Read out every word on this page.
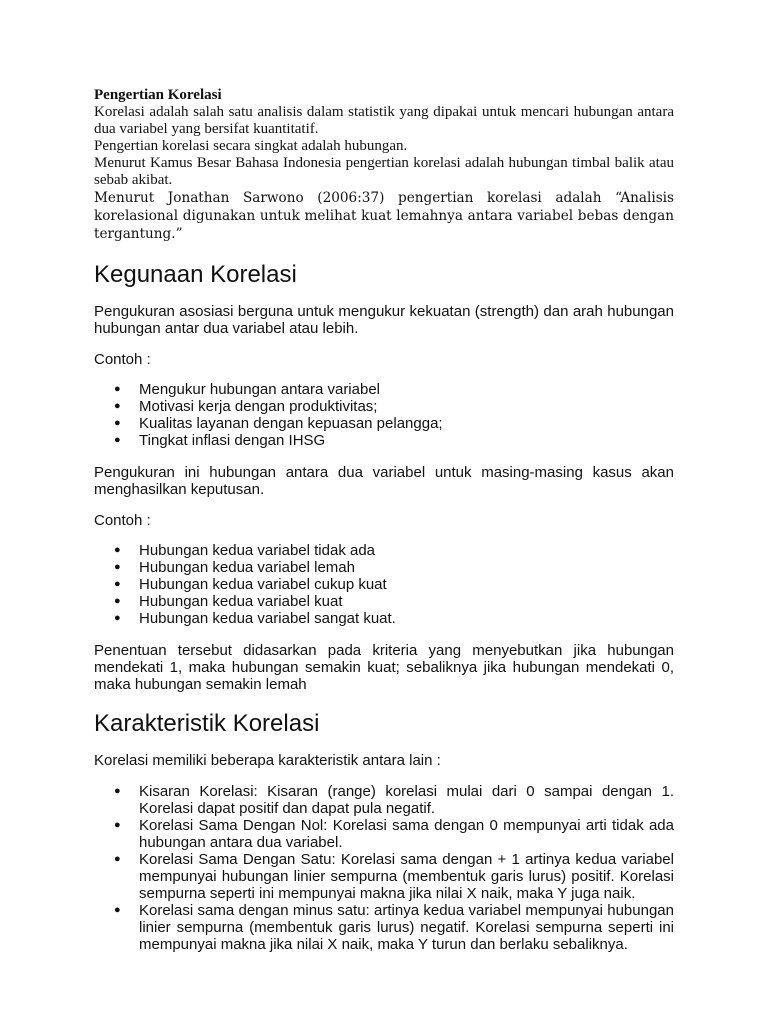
Pengertian Korelasi

Korelasi adalah salah satu analisis dalam statistik yang dipakai untuk mencari hubungan antara dua variabel yang bersifat kuantitatif.

Pengertian korelasi secara singkat adalah hubungan.

Menurut Kamus Besar Bahasa Indonesia pengertian korelasi adalah hubungan timbal balik atau sebab akibat.

Menurut Jonathan Sarwono (2006:37) pengertian korelasi adalah “Analisis korelasional digunakan untuk melihat kuat lemahnya antara variabel bebas dengan tergantung.”

Kegunaan Korelasi

Pengukuran asosiasi berguna untuk mengukur kekuatan (strength) dan arah hubungan hubungan antar dua variabel atau lebih.

Contoh :

● Mengukur hubungan antara variabel
● Motivasi kerja dengan produktivitas;
● Kualitas layanan dengan kepuasan pelangga;
● Tingkat inflasi dengan IHSG

Pengukuran ini hubungan antara dua variabel untuk masing-masing kasus akan menghasilkan keputusan.

Contoh :

● Hubungan kedua variabel tidak ada
● Hubungan kedua variabel lemah
● Hubungan kedua variabel cukup kuat
● Hubungan kedua variabel kuat
● Hubungan kedua variabel sangat kuat.

Penentuan tersebut didasarkan pada kriteria yang menyebutkan jika hubungan mendekati 1, maka hubungan semakin kuat; sebaliknya jika hubungan mendekati 0, maka hubungan semakin lemah

Karakteristik Korelasi

Korelasi memiliki beberapa karakteristik antara lain :

● Kisaran Korelasi: Kisaran (range) korelasi mulai dari 0 sampai dengan 1. Korelasi dapat positif dan dapat pula negatif.
● Korelasi Sama Dengan Nol: Korelasi sama dengan 0 mempunyai arti tidak ada hubungan antara dua variabel.
● Korelasi Sama Dengan Satu: Korelasi sama dengan + 1 artinya kedua variabel mempunyai hubungan linier sempurna (membentuk garis lurus) positif. Korelasi sempurna seperti ini mempunyai makna jika nilai X naik, maka Y juga naik.
● Korelasi sama dengan minus satu: artinya kedua variabel mempunyai hubungan linier sempurna (membentuk garis lurus) negatif. Korelasi sempurna seperti ini mempunyai makna jika nilai X naik, maka Y turun dan berlaku sebaliknya.
